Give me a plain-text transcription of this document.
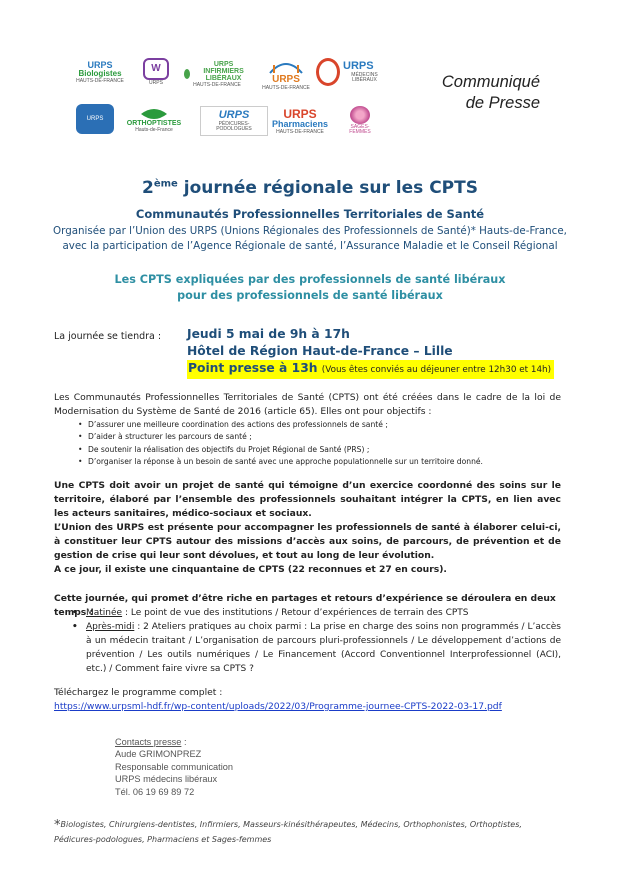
URPS
Biologistes
HAUTS-DE-FRANCE
W
URPS
URPS INFIRMIERS LIBÉRAUX
HAUTS-DE-FRANCE	URPS
HAUTS-DE-FRANCE
URPS
MÉDECINS LIBÉRAUX
URPS
ORTHOPTISTES
Hauts-de-France
URPS
PÉDICURES-PODOLOGUES
URPS
Pharmaciens
HAUTS-DE-FRANCE
SAGES-FEMMES
Communiqué
de Presse
2ème journée régionale sur les CPTS
Communautés Professionnelles Territoriales de Santé
Organisée par l’Union des URPS (Unions Régionales des Professionnels de Santé)* Hauts-de-France,
avec la participation de l’Agence Régionale de santé, l’Assurance Maladie et le Conseil Régional
Les CPTS expliquées par des professionnels de santé libéraux
pour des professionnels de santé libéraux
La journée se tiendra : Jeudi 5 mai de 9h à 17h
Hôtel de Région Haut-de-France – Lille
Point presse à 13h (Vous êtes conviés au déjeuner entre 12h30 et 14h)
Les Communautés Professionnelles Territoriales de Santé (CPTS) ont été créées dans le cadre de la loi de Modernisation du Système de Santé de 2016 (article 65). Elles ont pour objectifs :
• D’assurer une meilleure coordination des actions des professionnels de santé ;
• D’aider à structurer les parcours de santé ;
• De soutenir la réalisation des objectifs du Projet Régional de Santé (PRS) ;
• D’organiser la réponse à un besoin de santé avec une approche populationnelle sur un territoire donné.
Une CPTS doit avoir un projet de santé qui témoigne d’un exercice coordonné des soins sur le territoire, élaboré par l’ensemble des professionnels souhaitant intégrer la CPTS, en lien avec les acteurs sanitaires, médico-sociaux et sociaux.
L’Union des URPS est présente pour accompagner les professionnels de santé à élaborer celui-ci, à constituer leur CPTS autour des missions d’accès aux soins, de parcours, de prévention et de gestion de crise qui leur sont dévolues, et tout au long de leur évolution.
A ce jour, il existe une cinquantaine de CPTS (22 reconnues et 27 en cours).
Cette journée, qui promet d’être riche en partages et retours d’expérience se déroulera en deux temps :
• Matinée : Le point de vue des institutions / Retour d’expériences de terrain des CPTS
• Après-midi : 2 Ateliers pratiques au choix parmi : La prise en charge des soins non programmés / L’accès à un médecin traitant / L’organisation de parcours pluri-professionnels / Le développement d’actions de prévention / Les outils numériques / Le Financement (Accord Conventionnel Interprofessionnel (ACI), etc.) / Comment faire vivre sa CPTS ?
Téléchargez le programme complet :
https://www.urpsml-hdf.fr/wp-content/uploads/2022/03/Programme-journee-CPTS-2022-03-17.pdf
Contacts presse :
Aude GRIMONPREZ
Responsable communication
URPS médecins libéraux
Tél. 06 19 69 89 72
*Biologistes, Chirurgiens-dentistes, Infirmiers, Masseurs-kinésithérapeutes, Médecins, Orthophonistes, Orthoptistes, Pédicures-podologues, Pharmaciens et Sages-femmes
